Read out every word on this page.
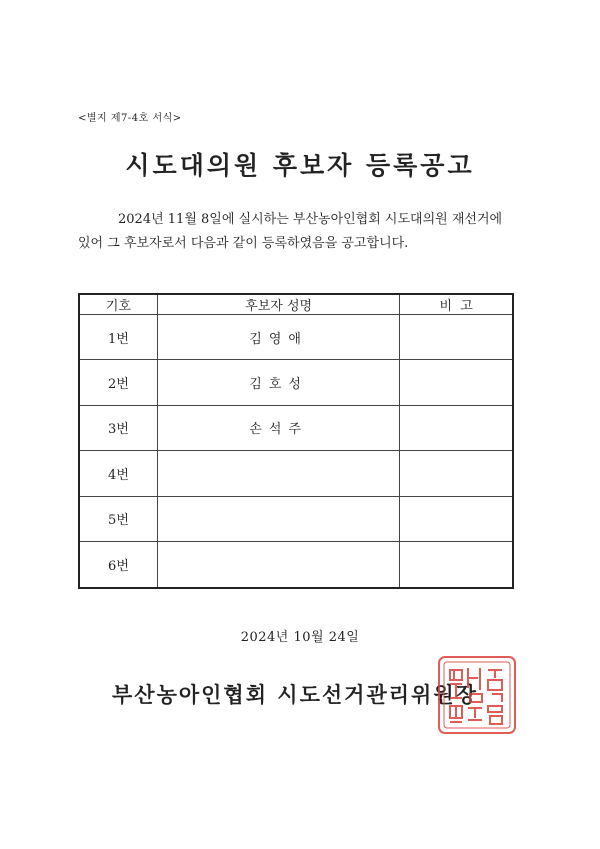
<별지 제7-4호 서식>
시도대의원 후보자 등록공고

2024년 11월 8일에 실시하는 부산농아인협회 시도대의원 재선거에

있어 그 후보자로서 다음과 같이 등록하였음을 공고합니다.

기호	후보자 성명	비  고
1번	김영애	
2번	김호성	
3번	손석주	
4번		
5번		
6번		
2024년 10월 24일
부산농아인협회 시도선거관리위원장
